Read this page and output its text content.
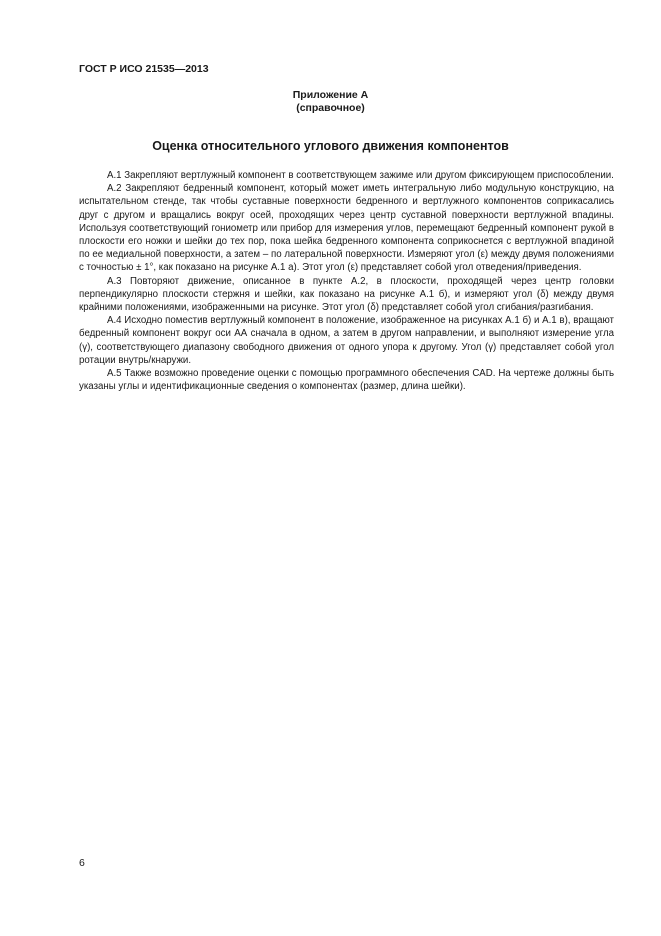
ГОСТ Р ИСО 21535—2013
Приложение А
(справочное)
Оценка относительного углового движения компонентов

А.1 Закрепляют вертлужный компонент в соответствующем зажиме или другом фиксирующем приспособлении.

А.2 Закрепляют бедренный компонент, который может иметь интегральную либо модульную конструкцию, на испытательном стенде, так чтобы суставные поверхности бедренного и вертлужного компонентов соприкасались друг с другом и вращались вокруг осей, проходящих через центр суставной поверхности вертлужной впадины. Используя соответствующий гониометр или прибор для измерения углов, перемещают бедренный компонент рукой в плоскости его ножки и шейки до тех пор, пока шейка бедренного компонента соприкоснется с вертлужной впадиной по ее медиальной поверхности, а затем – по латеральной поверхности. Измеряют угол (ε) между двумя положениями с точностью ± 1°, как показано на рисунке А.1 а). Этот угол (ε) представляет собой угол отведения/приведения.

А.3 Повторяют движение, описанное в пункте А.2, в плоскости, проходящей через центр головки перпендикулярно плоскости стержня и шейки, как показано на рисунке А.1 б), и измеряют угол (δ) между двумя крайними положениями, изображенными на рисунке. Этот угол (δ) представляет собой угол сгибания/разгибания.

А.4 Исходно поместив вертлужный компонент в положение, изображенное на рисунках А.1 б) и А.1 в), вращают бедренный компонент вокруг оси АА сначала в одном, а затем в другом направлении, и выполняют измерение угла (γ), соответствующего диапазону свободного движения от одного упора к другому. Угол (γ) представляет собой угол ротации внутрь/кнаружи.

А.5 Также возможно проведение оценки с помощью программного обеспечения CAD. На чертеже должны быть указаны углы и идентификационные сведения о компонентах (размер, длина шейки).

6
